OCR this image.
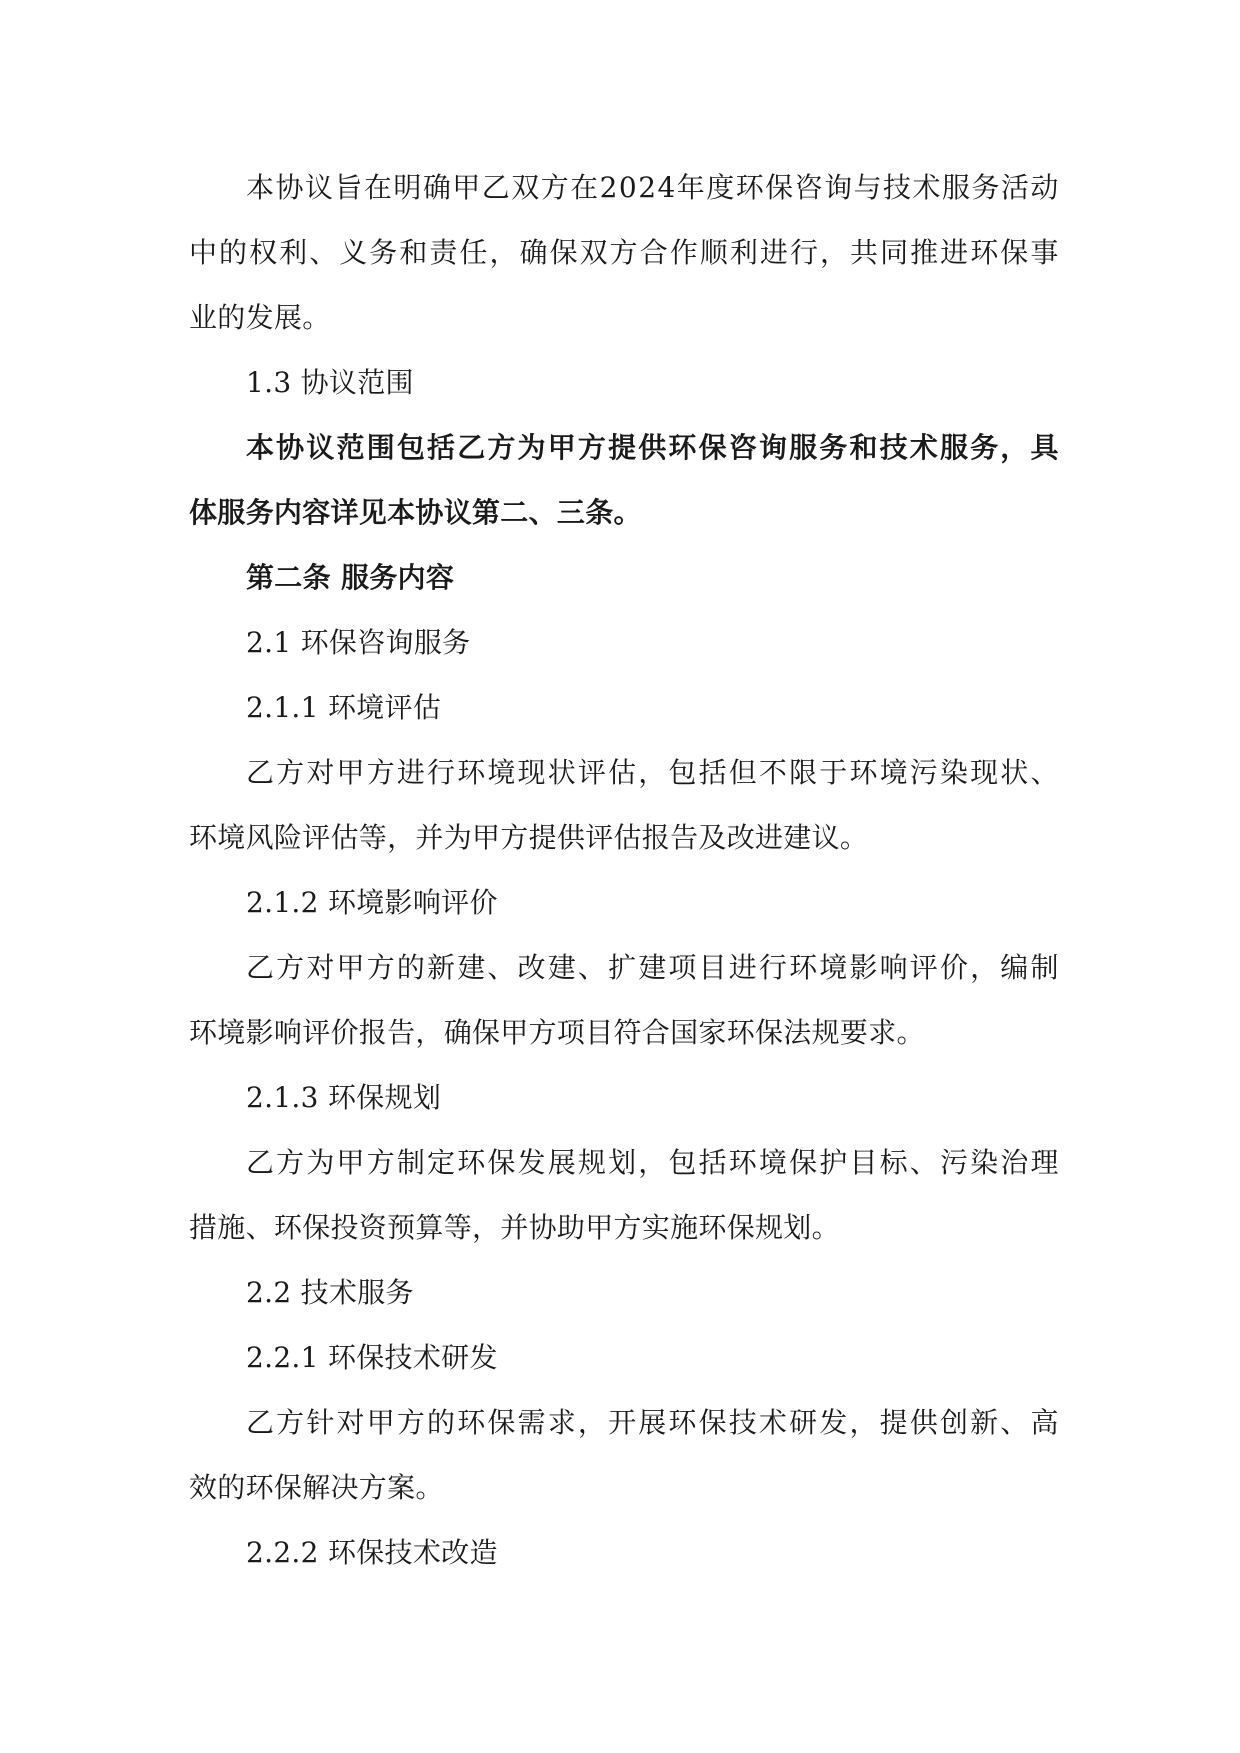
本 协 议 旨 在 明 确 甲 乙 双 方 在 2 0 2 4 年 度 环 保 咨 询 与 技 术 服 务 活 动
中 的 权 利 、 义 务 和 责 任 ， 确 保 双 方 合 作 顺 利 进 行 ， 共 同 推 进 环 保 事
业的发展。
1.3 协议范围
本 协 议 范 围 包 括 乙 方 为 甲 方 提 供 环 保 咨 询 服 务 和 技 术 服 务 ， 具
体服务内容详见本协议第二、三条。
第二条 服务内容
2.1 环保咨询服务
2.1.1 环境评估
乙 方 对 甲 方 进 行 环 境 现 状 评 估 ， 包 括 但 不 限 于 环 境 污 染 现 状 、
环境风险评估等，并为甲方提供评估报告及改进建议。
2.1.2 环境影响评价
乙 方 对 甲 方 的 新 建 、 改 建 、 扩 建 项 目 进 行 环 境 影 响 评 价 ， 编 制
环境影响评价报告，确保甲方项目符合国家环保法规要求。
2.1.3 环保规划
乙 方 为 甲 方 制 定 环 保 发 展 规 划 ， 包 括 环 境 保 护 目 标 、 污 染 治 理
措施、环保投资预算等，并协助甲方实施环保规划。
2.2 技术服务
2.2.1 环保技术研发
乙 方 针 对 甲 方 的 环 保 需 求 ， 开 展 环 保 技 术 研 发 ， 提 供 创 新 、 高
效的环保解决方案。
2.2.2 环保技术改造
